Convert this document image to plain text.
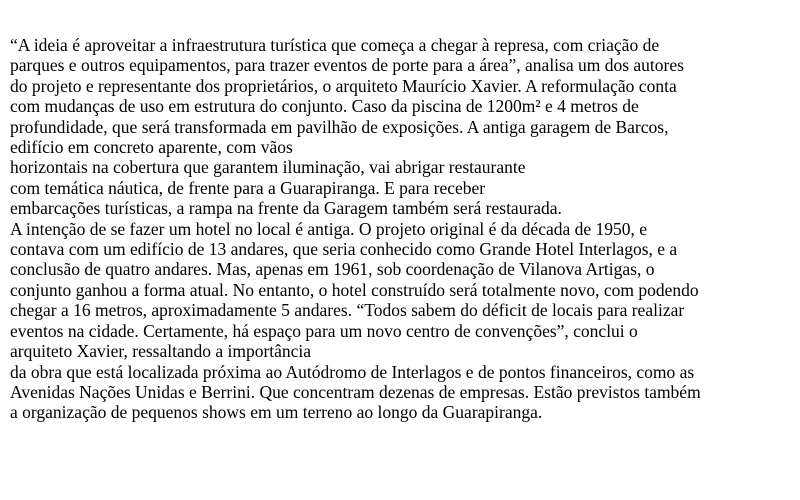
“A ideia é aproveitar a infraestrutura turística que começa a chegar à represa, com criação de
parques e outros equipamentos, para trazer eventos de porte para a área”, analisa um dos autores
do projeto e representante dos proprietários, o arquiteto Maurício Xavier. A reformulação conta
com mudanças de uso em estrutura do conjunto. Caso da piscina de 1200m² e 4 metros de
profundidade, que será transformada em pavilhão de exposições. A antiga garagem de Barcos,
edifício em concreto aparente, com vãos
horizontais na cobertura que garantem iluminação, vai abrigar restaurante
com temática náutica, de frente para a Guarapiranga. E para receber
embarcações turísticas, a rampa na frente da Garagem também será restaurada.
A intenção de se fazer um hotel no local é antiga. O projeto original é da década de 1950, e
contava com um edifício de 13 andares, que seria conhecido como Grande Hotel Interlagos, e a
conclusão de quatro andares. Mas, apenas em 1961, sob coordenação de Vilanova Artigas, o
conjunto ganhou a forma atual. No entanto, o hotel construído será totalmente novo, com podendo
chegar a 16 metros, aproximadamente 5 andares. “Todos sabem do déficit de locais para realizar
eventos na cidade. Certamente, há espaço para um novo centro de convenções”, conclui o
arquiteto Xavier, ressaltando a importância
da obra que está localizada próxima ao Autódromo de Interlagos e de pontos financeiros, como as
Avenidas Nações Unidas e Berrini. Que concentram dezenas de empresas. Estão previstos também
a organização de pequenos shows em um terreno ao longo da Guarapiranga.
